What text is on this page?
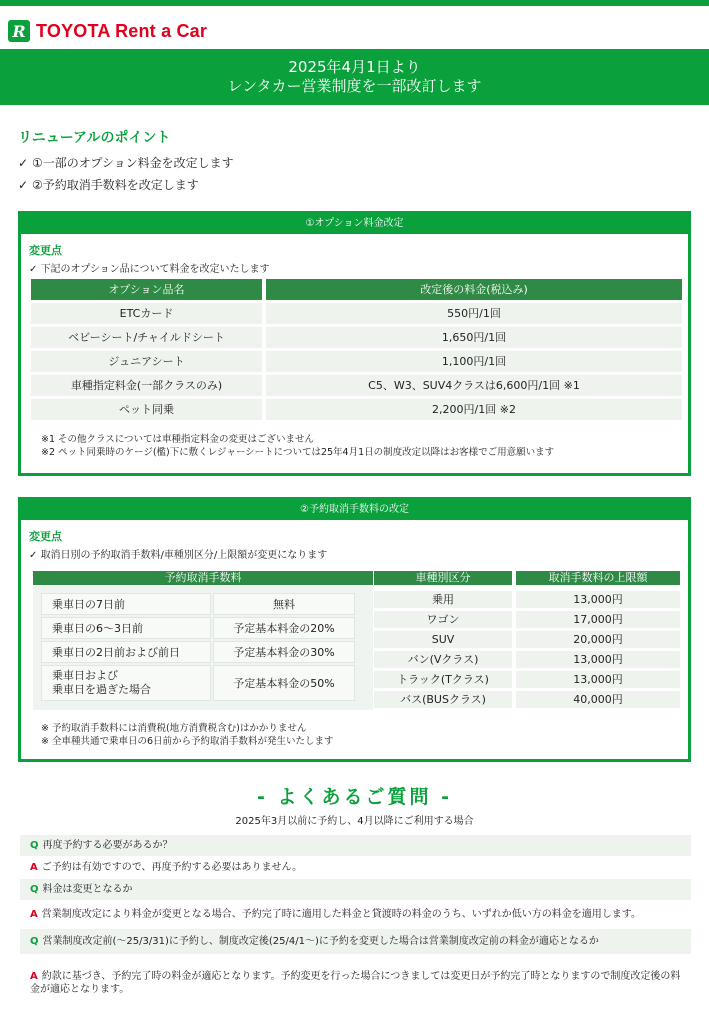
R TOYOTA Rent a Car
2025年4月1日より
レンタカー営業制度を一部改訂します
リニューアルのポイント
✓ ①一部のオプション料金を改定します
✓ ②予約取消手数料を改定します
①オプション料金改定
変更点
✓ 下記のオプション品について料金を改定いたします
オプション品名	改定後の料金(税込み)
ETCカード	550円/1回
ベビーシート/チャイルドシート	1,650円/1回
ジュニアシート	1,100円/1回
車種指定料金(一部クラスのみ)	C5、W3、SUV4クラスは6,600円/1回 ※1
ペット同乗	2,200円/1回 ※2
※1 その他クラスについては車種指定料金の変更はございません
※2 ペット同乗時のケージ(檻)下に敷くレジャーシートについては25年4月1日の制度改定以降はお客様でご用意願います
②予約取消手数料の改定
変更点
✓ 取消日別の予約取消手数料/車種別区分/上限額が変更になります
予約取消手数料	車種別区分	取消手数料の上限額
乗車日の7日前	無料
乗車日の6～3日前	予定基本料金の20%
乗車日の2日前および前日	予定基本料金の30%
乗車日および
乗車日を過ぎた場合	予定基本料金の50%
乗用	13,000円
ワゴン	17,000円
SUV	20,000円
バン(Vクラス)	13,000円
トラック(Tクラス)	13,000円
バス(BUSクラス)	40,000円
※ 予約取消手数料には消費税(地方消費税含む)はかかりません
※ 全車種共通で乗車日の6日前から予約取消手数料が発生いたします
- よくあるご質問 -
2025年3月以前に予約し、4月以降にご利用する場合
Q 再度予約する必要があるか？
A ご予約は有効ですので、再度予約する必要はありません。
Q 料金は変更となるか
A 営業制度改定により料金が変更となる場合、予約完了時に適用した料金と貸渡時の料金のうち、いずれか低い方の料金を適用します。
Q 営業制度改定前(～25/3/31)に予約し、制度改定後(25/4/1～)に予約を変更した場合は営業制度改定前の料金が適応となるか
A 約款に基づき、予約完了時の料金が適応となります。予約変更を行った場合につきましては変更日が予約完了時となりますので制度改定後の料金が適応となります。
